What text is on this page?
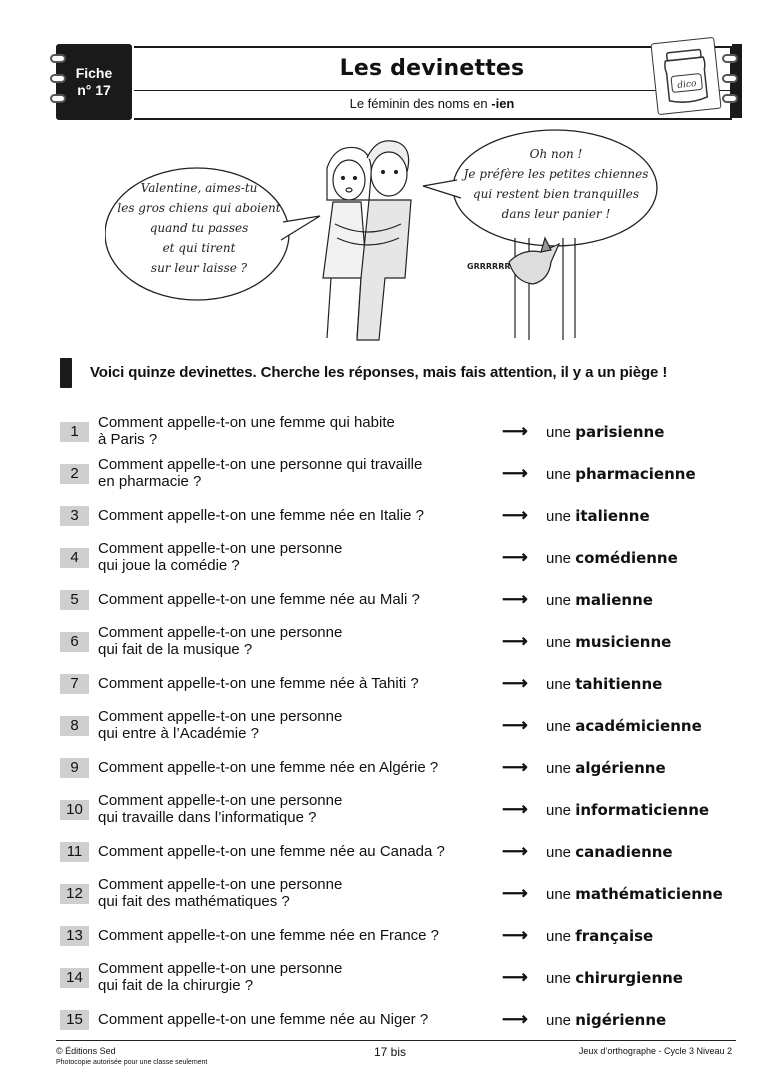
Fiche
n° 17
Les devinettes
Le féminin des noms en -ien
dico
Valentine, aimes-tu
les gros chiens qui aboient
quand tu passes
et qui tirent
sur leur laisse ?
Oh non !
Je préfère les petites chiennes
qui restent bien tranquilles
dans leur panier !
GRRRRRR
Voici quinze devinettes. Cherche les réponses, mais fais attention, il y a un piège !
1
Comment appelle-t-on une femme qui habite
à Paris ?	⟶ une parisienne
2
Comment appelle-t-on une personne qui travaille
en pharmacie ?	⟶ une pharmacienne
3	Comment appelle-t-on une femme née en Italie ?	⟶ une italienne
4
Comment appelle-t-on une personne
qui joue la comédie ?	⟶ une comédienne
5	Comment appelle-t-on une femme née au Mali ?	⟶ une malienne
6
Comment appelle-t-on une personne
qui fait de la musique ?	⟶ une musicienne
7	Comment appelle-t-on une femme née à Tahiti ?	⟶ une tahitienne
8
Comment appelle-t-on une personne
qui entre à l’Académie ?	⟶ une académicienne
9	Comment appelle-t-on une femme née en Algérie ?	⟶ une algérienne
10
Comment appelle-t-on une personne
qui travaille dans l’informatique ?	⟶ une informaticienne
11	Comment appelle-t-on une femme née au Canada ?	⟶ une canadienne
12
Comment appelle-t-on une personne
qui fait des mathématiques ?	⟶ une mathématicienne
13	Comment appelle-t-on une femme née en France ?	⟶ une française
14
Comment appelle-t-on une personne
qui fait de la chirurgie ?	⟶ une chirurgienne
15	Comment appelle-t-on une femme née au Niger ?	⟶ une nigérienne
© Éditions Sed
Photocopie autorisée pour une classe seulement
17 bis	Jeux d’orthographe - Cycle 3 Niveau 2
